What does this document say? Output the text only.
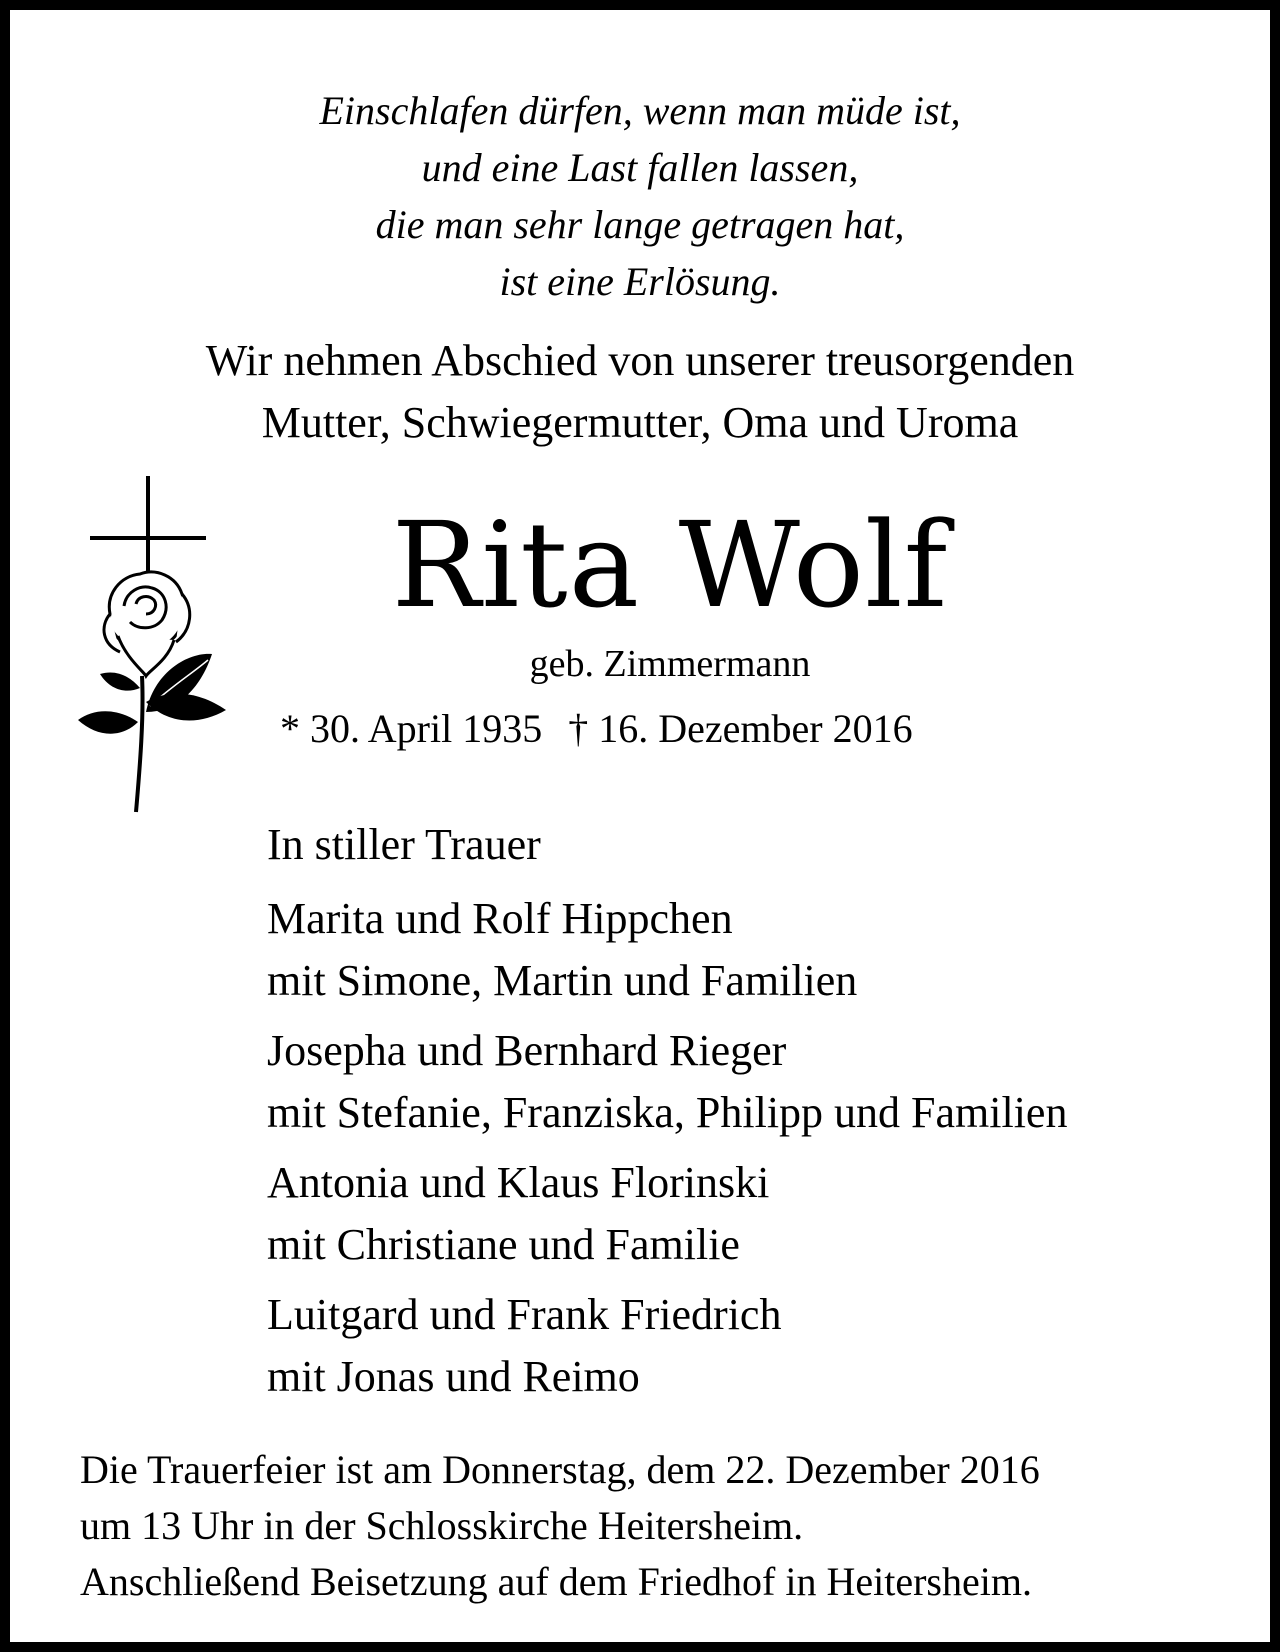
Einschlafen dürfen, wenn man müde ist,
und eine Last fallen lassen,
die man sehr lange getragen hat,
ist eine Erlösung.
Wir nehmen Abschied von unserer treusorgenden
Mutter, Schwiegermutter, Oma und Uroma
Rita Wolf
geb. Zimmermann
* 30. April 1935 † 16. Dezember 2016
In stiller Trauer
Marita und Rolf Hippchen
mit Simone, Martin und Familien
Josepha und Bernhard Rieger
mit Stefanie, Franziska, Philipp und Familien
Antonia und Klaus Florinski
mit Christiane und Familie
Luitgard und Frank Friedrich
mit Jonas und Reimo
Die Trauerfeier ist am Donnerstag, dem 22. Dezember 2016
um 13 Uhr in der Schlosskirche Heitersheim.
Anschließend Beisetzung auf dem Friedhof in Heitersheim.
